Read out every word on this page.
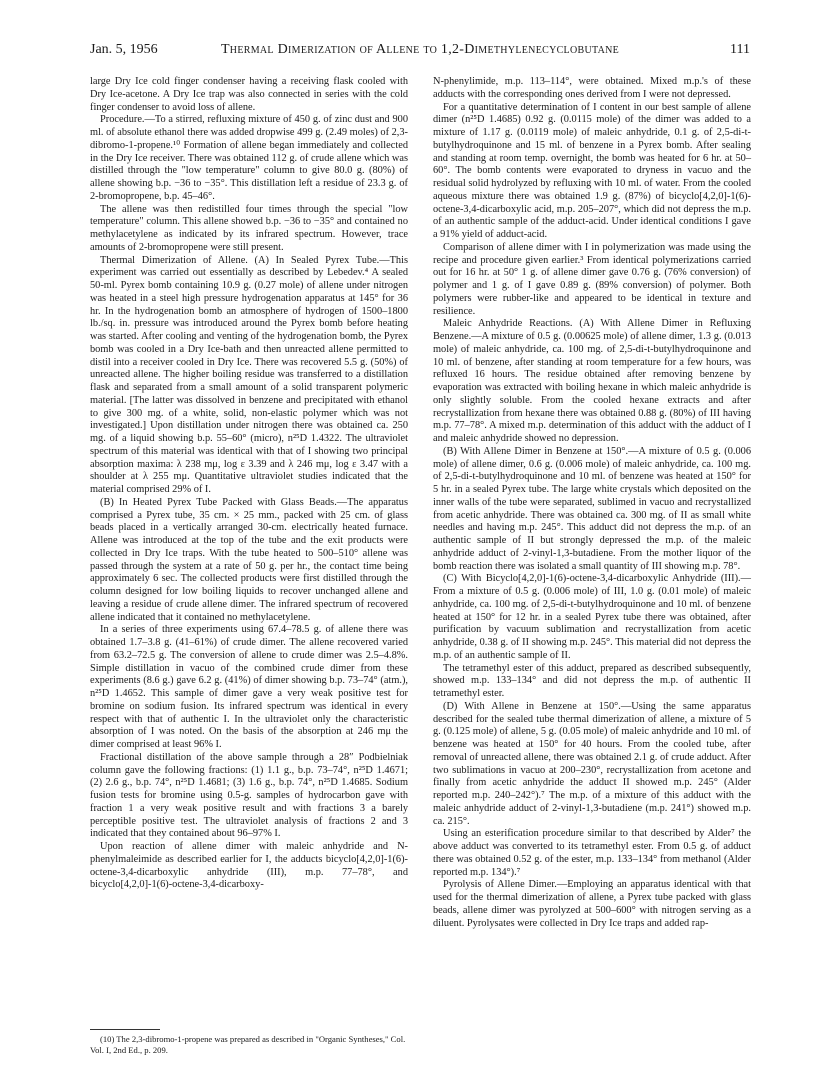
Jan. 5, 1956	Thermal Dimerization of Allene to 1,2-Dimethylenecyclobutane	111

large Dry Ice cold finger condenser having a receiving flask cooled with Dry Ice-acetone. A Dry Ice trap was also connected in series with the cold finger condenser to avoid loss of allene.

Procedure.—To a stirred, refluxing mixture of 450 g. of zinc dust and 900 ml. of absolute ethanol there was added dropwise 499 g. (2.49 moles) of 2,3-dibromo-1-propene.¹⁰ Formation of allene began immediately and collected in the Dry Ice receiver. There was obtained 112 g. of crude allene which was distilled through the "low temperature" column to give 80.0 g. (80%) of allene showing b.p. −36 to −35°. This distillation left a residue of 23.3 g. of 2-bromopropene, b.p. 45–46°.

The allene was then redistilled four times through the special "low temperature" column. This allene showed b.p. −36 to −35° and contained no methylacetylene as indicated by its infrared spectrum. However, trace amounts of 2-bromopropene were still present.

Thermal Dimerization of Allene. (A) In Sealed Pyrex Tube.—This experiment was carried out essentially as described by Lebedev.⁴ A sealed 50-ml. Pyrex bomb containing 10.9 g. (0.27 mole) of allene under nitrogen was heated in a steel high pressure hydrogenation apparatus at 145° for 36 hr. In the hydrogenation bomb an atmosphere of hydrogen of 1500–1800 lb./sq. in. pressure was introduced around the Pyrex bomb before heating was started. After cooling and venting of the hydrogenation bomb, the Pyrex bomb was cooled in a Dry Ice-bath and then unreacted allene permitted to distil into a receiver cooled in Dry Ice. There was recovered 5.5 g. (50%) of unreacted allene. The higher boiling residue was transferred to a distillation flask and separated from a small amount of a solid transparent polymeric material. [The latter was dissolved in benzene and precipitated with ethanol to give 300 mg. of a white, solid, non-elastic polymer which was not investigated.] Upon distillation under nitrogen there was obtained ca. 250 mg. of a liquid showing b.p. 55–60° (micro), n²⁵D 1.4322. The ultraviolet spectrum of this material was identical with that of I showing two principal absorption maxima: λ 238 mμ, log ε 3.39 and λ 246 mμ, log ε 3.47 with a shoulder at λ 255 mμ. Quantitative ultraviolet studies indicated that the material comprised 29% of I.

(B) In Heated Pyrex Tube Packed with Glass Beads.—The apparatus comprised a Pyrex tube, 35 cm. × 25 mm., packed with 25 cm. of glass beads placed in a vertically arranged 30-cm. electrically heated furnace. Allene was introduced at the top of the tube and the exit products were collected in Dry Ice traps. With the tube heated to 500–510° allene was passed through the system at a rate of 50 g. per hr., the contact time being approximately 6 sec. The collected products were first distilled through the column designed for low boiling liquids to recover unchanged allene and leaving a residue of crude allene dimer. The infrared spectrum of recovered allene indicated that it contained no methylacetylene.

In a series of three experiments using 67.4–78.5 g. of allene there was obtained 1.7–3.8 g. (41–61%) of crude dimer. The allene recovered varied from 63.2–72.5 g. The conversion of allene to crude dimer was 2.5–4.8%. Simple distillation in vacuo of the combined crude dimer from these experiments (8.6 g.) gave 6.2 g. (41%) of dimer showing b.p. 73–74° (atm.), n²⁵D 1.4652. This sample of dimer gave a very weak positive test for bromine on sodium fusion. Its infrared spectrum was identical in every respect with that of authentic I. In the ultraviolet only the characteristic absorption of I was noted. On the basis of the absorption at 246 mμ the dimer comprised at least 96% I.

Fractional distillation of the above sample through a 28″ Podbielniak column gave the following fractions: (1) 1.1 g., b.p. 73–74°, n²⁵D 1.4671; (2) 2.6 g., b.p. 74°, n²⁵D 1.4681; (3) 1.6 g., b.p. 74°, n²⁵D 1.4685. Sodium fusion tests for bromine using 0.5-g. samples of hydrocarbon gave with fraction 1 a very weak positive result and with fractions 3 a barely perceptible positive test. The ultraviolet analysis of fractions 2 and 3 indicated that they contained about 96–97% I.

Upon reaction of allene dimer with maleic anhydride and N-phenylmaleimide as described earlier for I, the adducts bicyclo[4,2,0]-1(6)-octene-3,4-dicarboxylic anhydride (III), m.p. 77–78°, and bicyclo[4,2,0]-1(6)-octene-3,4-dicarboxy-

N-phenylimide, m.p. 113–114°, were obtained. Mixed m.p.'s of these adducts with the corresponding ones derived from I were not depressed.

For a quantitative determination of I content in our best sample of allene dimer (n²⁵D 1.4685) 0.92 g. (0.0115 mole) of the dimer was added to a mixture of 1.17 g. (0.0119 mole) of maleic anhydride, 0.1 g. of 2,5-di-t-butylhydroquinone and 15 ml. of benzene in a Pyrex bomb. After sealing and standing at room temp. overnight, the bomb was heated for 6 hr. at 50–60°. The bomb contents were evaporated to dryness in vacuo and the residual solid hydrolyzed by refluxing with 10 ml. of water. From the cooled aqueous mixture there was obtained 1.9 g. (87%) of bicyclo[4,2,0]-1(6)-octene-3,4-dicarboxylic acid, m.p. 205–207°, which did not depress the m.p. of an authentic sample of the adduct-acid. Under identical conditions I gave a 91% yield of adduct-acid.

Comparison of allene dimer with I in polymerization was made using the recipe and procedure given earlier.³ From identical polymerizations carried out for 16 hr. at 50° 1 g. of allene dimer gave 0.76 g. (76% conversion) of polymer and 1 g. of I gave 0.89 g. (89% conversion) of polymer. Both polymers were rubber-like and appeared to be identical in texture and resilience.

Maleic Anhydride Reactions. (A) With Allene Dimer in Refluxing Benzene.—A mixture of 0.5 g. (0.00625 mole) of allene dimer, 1.3 g. (0.013 mole) of maleic anhydride, ca. 100 mg. of 2,5-di-t-butylhydroquinone and 10 ml. of benzene, after standing at room temperature for a few hours, was refluxed 16 hours. The residue obtained after removing benzene by evaporation was extracted with boiling hexane in which maleic anhydride is only slightly soluble. From the cooled hexane extracts and after recrystallization from hexane there was obtained 0.88 g. (80%) of III having m.p. 77–78°. A mixed m.p. determination of this adduct with the adduct of I and maleic anhydride showed no depression.

(B) With Allene Dimer in Benzene at 150°.—A mixture of 0.5 g. (0.006 mole) of allene dimer, 0.6 g. (0.006 mole) of maleic anhydride, ca. 100 mg. of 2,5-di-t-butylhydroquinone and 10 ml. of benzene was heated at 150° for 5 hr. in a sealed Pyrex tube. The large white crystals which deposited on the inner walls of the tube were separated, sublimed in vacuo and recrystallized from acetic anhydride. There was obtained ca. 300 mg. of II as small white needles and having m.p. 245°. This adduct did not depress the m.p. of an authentic sample of II but strongly depressed the m.p. of the maleic anhydride adduct of 2-vinyl-1,3-butadiene. From the mother liquor of the bomb reaction there was isolated a small quantity of III showing m.p. 78°.

(C) With Bicyclo[4,2,0]-1(6)-octene-3,4-dicarboxylic Anhydride (III).—From a mixture of 0.5 g. (0.006 mole) of III, 1.0 g. (0.01 mole) of maleic anhydride, ca. 100 mg. of 2,5-di-t-butylhydroquinone and 10 ml. of benzene heated at 150° for 12 hr. in a sealed Pyrex tube there was obtained, after purification by vacuum sublimation and recrystallization from acetic anhydride, 0.38 g. of II showing m.p. 245°. This material did not depress the m.p. of an authentic sample of II.

The tetramethyl ester of this adduct, prepared as described subsequently, showed m.p. 133–134° and did not depress the m.p. of authentic II tetramethyl ester.

(D) With Allene in Benzene at 150°.—Using the same apparatus described for the sealed tube thermal dimerization of allene, a mixture of 5 g. (0.125 mole) of allene, 5 g. (0.05 mole) of maleic anhydride and 10 ml. of benzene was heated at 150° for 40 hours. From the cooled tube, after removal of unreacted allene, there was obtained 2.1 g. of crude adduct. After two sublimations in vacuo at 200–230°, recrystallization from acetone and finally from acetic anhydride the adduct II showed m.p. 245° (Alder reported m.p. 240–242°).⁷ The m.p. of a mixture of this adduct with the maleic anhydride adduct of 2-vinyl-1,3-butadiene (m.p. 241°) showed m.p. ca. 215°.

Using an esterification procedure similar to that described by Alder⁷ the above adduct was converted to its tetramethyl ester. From 0.5 g. of adduct there was obtained 0.52 g. of the ester, m.p. 133–134° from methanol (Alder reported m.p. 134°).⁷

Pyrolysis of Allene Dimer.—Employing an apparatus identical with that used for the thermal dimerization of allene, a Pyrex tube packed with glass beads, allene dimer was pyrolyzed at 500–600° with nitrogen serving as a diluent. Pyrolysates were collected in Dry Ice traps and added rap-

(10) The 2,3-dibromo-1-propene was prepared as described in "Organic Syntheses," Col. Vol. I, 2nd Ed., p. 209.
